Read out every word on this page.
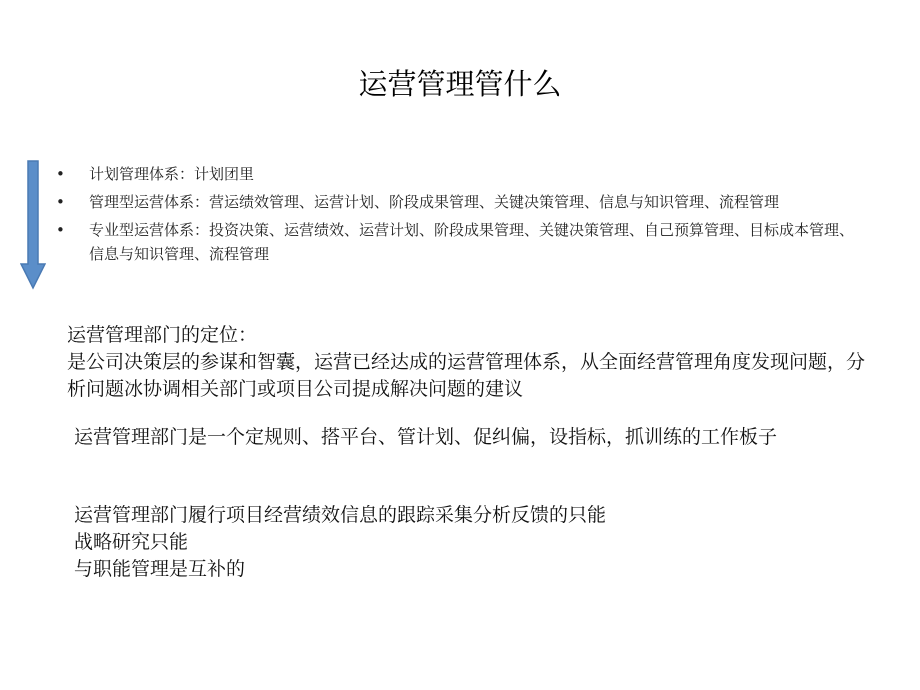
运营管理管什么
•	计划管理体系：计划团里
•	管理型运营体系：营运绩效管理、运营计划、阶段成果管理、关键决策管理、信息与知识管理、流程管理
•	专业型运营体系：投资决策、运营绩效、运营计划、阶段成果管理、关键决策管理、自己预算管理、目标成本管理、信息与知识管理、流程管理
运营管理部门的定位：
是公司决策层的参谋和智囊，运营已经达成的运营管理体系，从全面经营管理角度发现问题，分析问题冰协调相关部门或项目公司提成解决问题的建议
运营管理部门是一个定规则、搭平台、管计划、促纠偏，设指标，抓训练的工作板子
运营管理部门履行项目经营绩效信息的跟踪采集分析反馈的只能
战略研究只能
与职能管理是互补的
